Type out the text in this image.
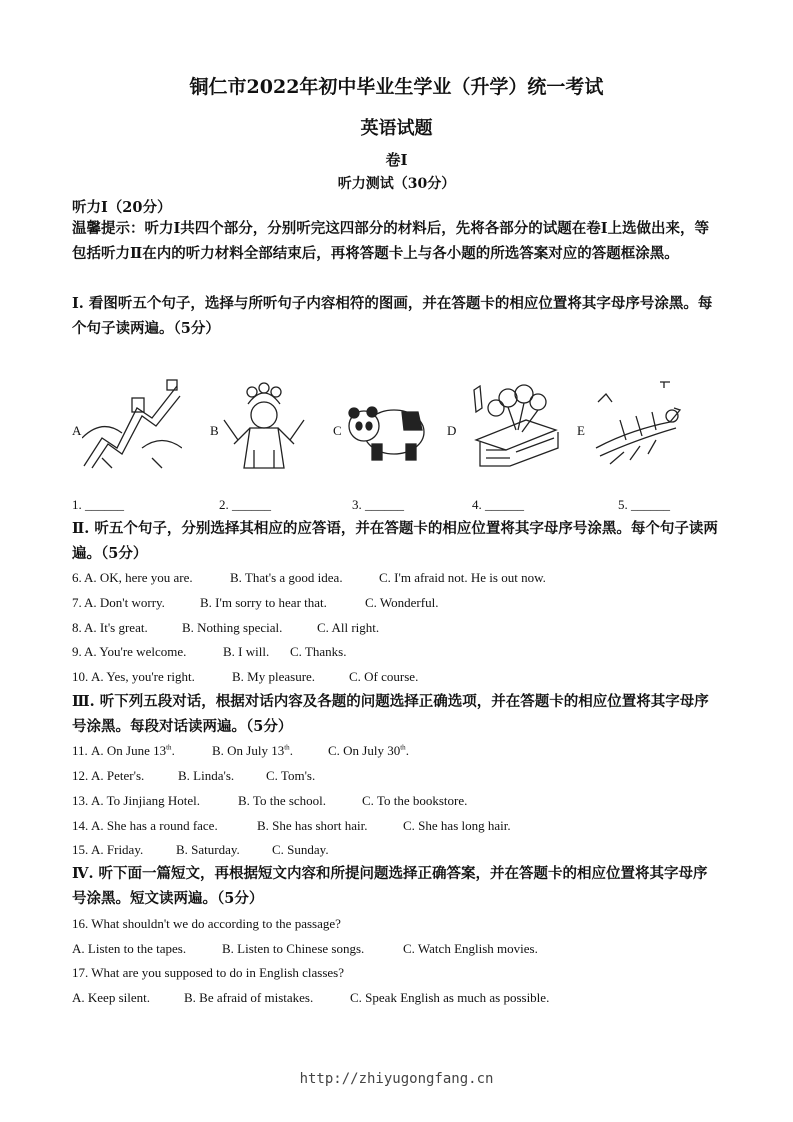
铜仁市2022年初中毕业生学业（升学）统一考试
英语试题
卷Ⅰ
听力测试（30分）
听力Ⅰ（20分）
温馨提示：听力Ⅰ共四个部分，分别听完这四部分的材料后，先将各部分的试题在卷Ⅰ上选做出来，等包括听力Ⅱ在内的听力材料全部结束后，再将答题卡上与各小题的所选答案对应的答题框涂黑。
Ⅰ. 看图听五个句子，选择与所听句子内容相符的图画，并在答题卡的相应位置将其字母序号涂黑。每个句子读两遍。（5分）
A	B	C	D	E
1. ______	2. ______	3. ______	4. ______	5. ______
Ⅱ. 听五个句子，分别选择其相应的应答语，并在答题卡的相应位置将其字母序号涂黑。每个句子读两遍。（5分）
6. A. OK, here you are.	B. That's a good idea.	C. I'm afraid not. He is out now.
7. A. Don't worry.	B. I'm sorry to hear that.	C. Wonderful.
8. A. It's great.	B. Nothing special.	C. All right.
9. A. You're welcome.	B. I will. C. Thanks.
10. A. Yes, you're right.	B. My pleasure.	C. Of course.
Ⅲ. 听下列五段对话，根据对话内容及各题的问题选择正确选项，并在答题卡的相应位置将其字母序号涂黑。每段对话读两遍。（5分）
11. A. On June 13th.	B. On July 13th.	C. On July 30th.
12. A. Peter's.	B. Linda's. C. Tom's.
13. A. To Jinjiang Hotel.	B. To the school.	C. To the bookstore.
14. A. She has a round face.	B. She has short hair.	C. She has long hair.
15. A. Friday.	B. Saturday. C. Sunday.
Ⅳ. 听下面一篇短文，再根据短文内容和所提问题选择正确答案，并在答题卡的相应位置将其字母序号涂黑。短文读两遍。（5分）
16. What shouldn't we do according to the passage?
A. Listen to the tapes.	B. Listen to Chinese songs.	C. Watch English movies.
17. What are you supposed to do in English classes?
A. Keep silent.	B. Be afraid of mistakes.	C. Speak English as much as possible.
http://zhiyugongfang.cn
